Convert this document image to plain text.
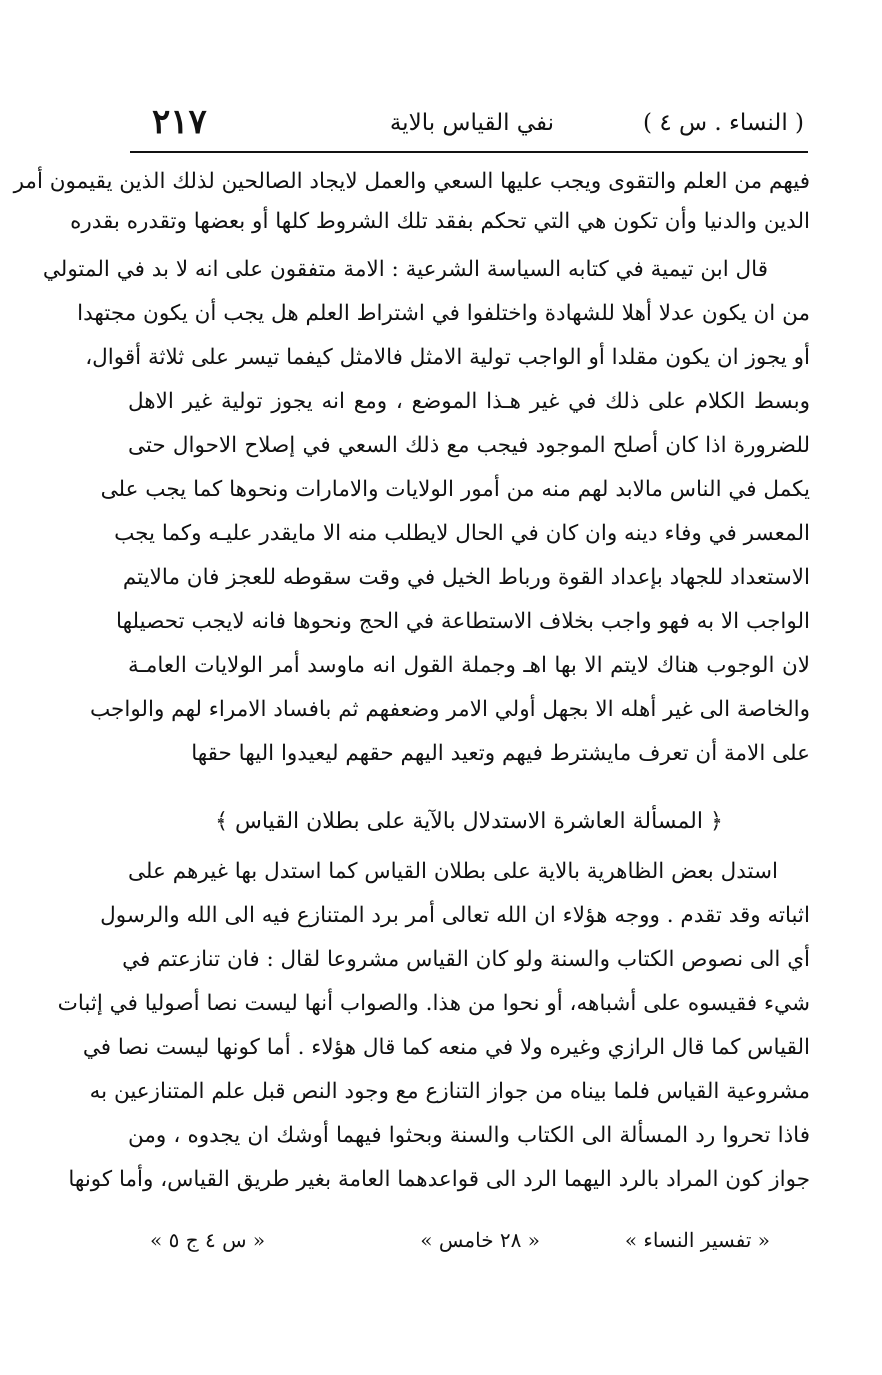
( النساء . س ٤ )
نفي القياس بالاية
٢١٧
فيهم من العلم والتقوى ويجب عليها السعي والعمل لايجاد الصالحين لذلك الذين يقيمون أمر
الدين والدنيا وأن تكون هي التي تحكم بفقد تلك الشروط كلها أو بعضها وتقدره بقدره
قال ابن تيمية في كتابه السياسة الشرعية : الامة متفقون على انه لا بد في المتولي
من ان يكون عدلا أهلا للشهادة واختلفوا في اشتراط العلم هل يجب أن يكون مجتهدا
أو يجوز ان يكون مقلدا أو الواجب تولية الامثل فالامثل كيفما تيسر على ثلاثة أقوال،
وبسط الكلام على ذلك في غير هـذا الموضع ، ومع انه يجوز تولية غير الاهل
للضرورة اذا كان أصلح الموجود فيجب مع ذلك السعي في إصلاح الاحوال حتى
يكمل في الناس مالابد لهم منه من أمور الولايات والامارات ونحوها كما يجب على
المعسر في وفاء دينه وان كان في الحال لايطلب منه الا مايقدر عليـه وكما يجب
الاستعداد للجهاد بإعداد القوة ورباط الخيل في وقت سقوطه للعجز فان مالايتم
الواجب الا به فهو واجب بخلاف الاستطاعة في الحج ونحوها فانه لايجب تحصيلها
لان الوجوب هناك لايتم الا بها اهـ وجملة القول انه ماوسد أمر الولايات العامـة
والخاصة الى غير أهله الا بجهل أولي الامر وضعفهم ثم بافساد الامراء لهم والواجب
على الامة أن تعرف مايشترط فيهم وتعيد اليهم حقهم ليعيدوا اليها حقها
﴿ المسألة العاشرة الاستدلال بالآية على بطلان القياس ﴾
استدل بعض الظاهرية بالاية على بطلان القياس كما استدل بها غيرهم على
اثباته وقد تقدم . ووجه هؤلاء ان الله تعالى أمر برد المتنازع فيه الى الله والرسول
أي الى نصوص الكتاب والسنة ولو كان القياس مشروعا لقال : فان تنازعتم في
شيء فقيسوه على أشباهه، أو نحوا من هذا. والصواب أنها ليست نصا أصوليا في إثبات
القياس كما قال الرازي وغيره ولا في منعه كما قال هؤلاء . أما كونها ليست نصا في
مشروعية القياس فلما بيناه من جواز التنازع مع وجود النص قبل علم المتنازعين به
فاذا تحروا رد المسألة الى الكتاب والسنة وبحثوا فيهما أوشك ان يجدوه ، ومن
جواز كون المراد بالرد اليهما الرد الى قواعدهما العامة بغير طريق القياس، وأما كونها
« تفسير النساء »
« ٢٨ خامس »
« س ٤ ج ٥ »
